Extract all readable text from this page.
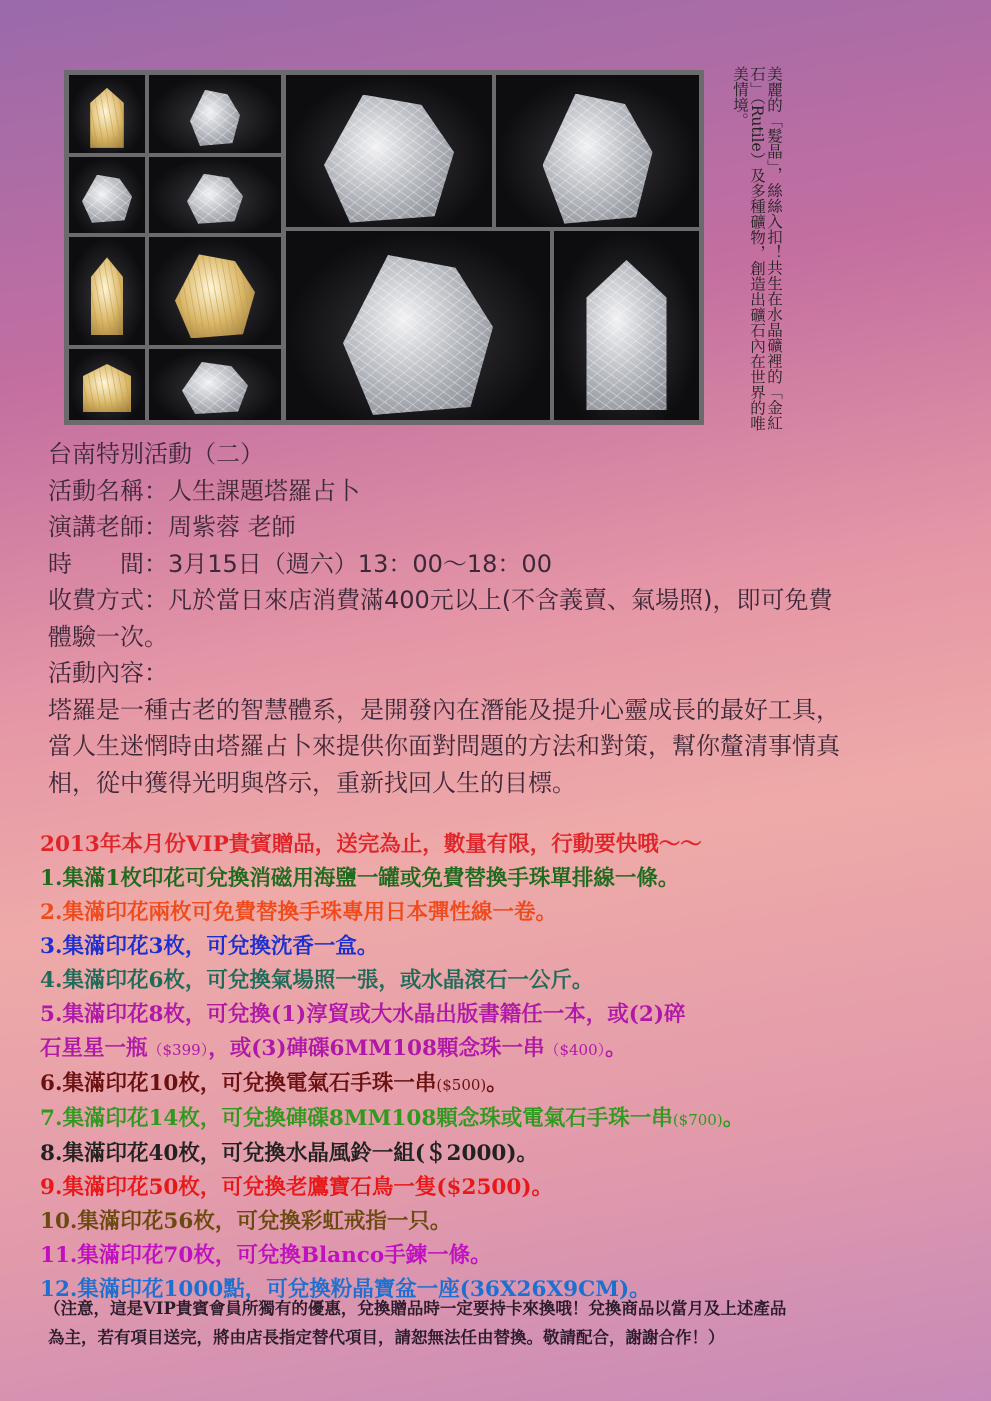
美麗的「髮晶」，絲絲入扣！共生在水晶礦裡的「金紅石」（Rutile）及多種礦物，創造出礦石內在世界的唯美情境。

台南特別活動（二）

活動名稱：人生課題塔羅占卜

演講老師：周紫蓉 老師

時　　間：3月15日（週六）13：00～18：00

收費方式：凡於當日來店消費滿400元以上(不含義賣、氣場照)，即可免費

體驗一次。

活動內容：

塔羅是一種古老的智慧體系，是開發內在潛能及提升心靈成長的最好工具，

當人生迷惘時由塔羅占卜來提供你面對問題的方法和對策，幫你釐清事情真

相，從中獲得光明與啓示，重新找回人生的目標。

2013年本月份VIP貴賓贈品，送完為止，數量有限，行動要快哦～～

1.集滿1枚印花可兌換消磁用海鹽一罐或免費替換手珠單排線一條。

2.集滿印花兩枚可免費替換手珠專用日本彈性線一卷。

3.集滿印花3枚，可兌換沈香一盒。

4.集滿印花6枚，可兌換氣場照一張，或水晶滾石一公斤。

5.集滿印花8枚，可兌換(1)淳貿或大水晶出版書籍任一本，或(2)碎

石星星一瓶（$399），或(3)硨磲6MM108顆念珠一串（$400）。

6.集滿印花10枚，可兌換電氣石手珠一串($500)。

7.集滿印花14枚，可兌換硨磲8MM108顆念珠或電氣石手珠一串($700)。

8.集滿印花40枚，可兌換水晶風鈴一組(＄2000)。

9.集滿印花50枚，可兌換老鷹寶石鳥一隻($2500)。

10.集滿印花56枚，可兌換彩虹戒指一只。

11.集滿印花70枚，可兌換Blanco手鍊一條。

12.集滿印花1000點，可兌換粉晶寶盆一座(36X26X9CM)。

（注意，這是VIP貴賓會員所獨有的優惠，兌換贈品時一定要持卡來換哦！兌換商品以當月及上述產品
為主，若有項目送完，將由店長指定替代項目，請恕無法任由替換。敬請配合，謝謝合作！）
